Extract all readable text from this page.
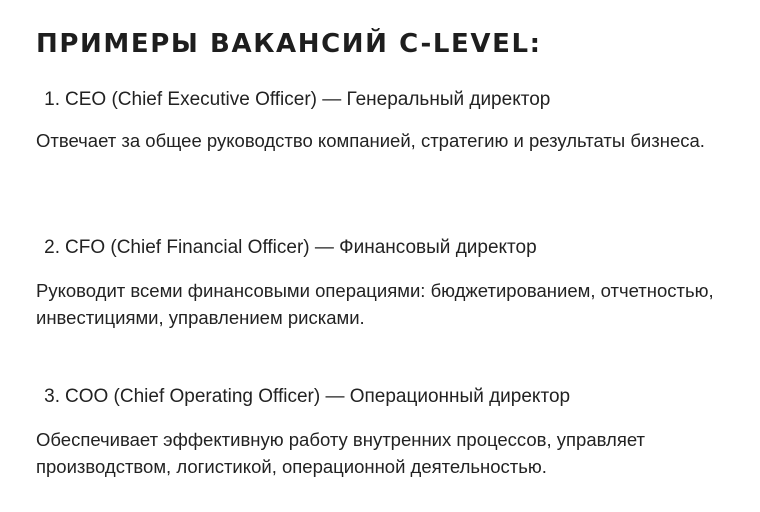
ПРИМЕРЫ ВАКАНСИЙ C-LEVEL:

1. CEO (Chief Executive Officer) — Генеральный директор

Отвечает за общее руководство компанией, стратегию и результаты бизнеса.

2. CFO (Chief Financial Officer) — Финансовый директор

Руководит всеми финансовыми операциями: бюджетированием, отчетностью, инвестициями, управлением рисками.

3. COO (Chief Operating Officer) — Операционный директор

Обеспечивает эффективную работу внутренних процессов, управляет производством, логистикой, операционной деятельностью.
